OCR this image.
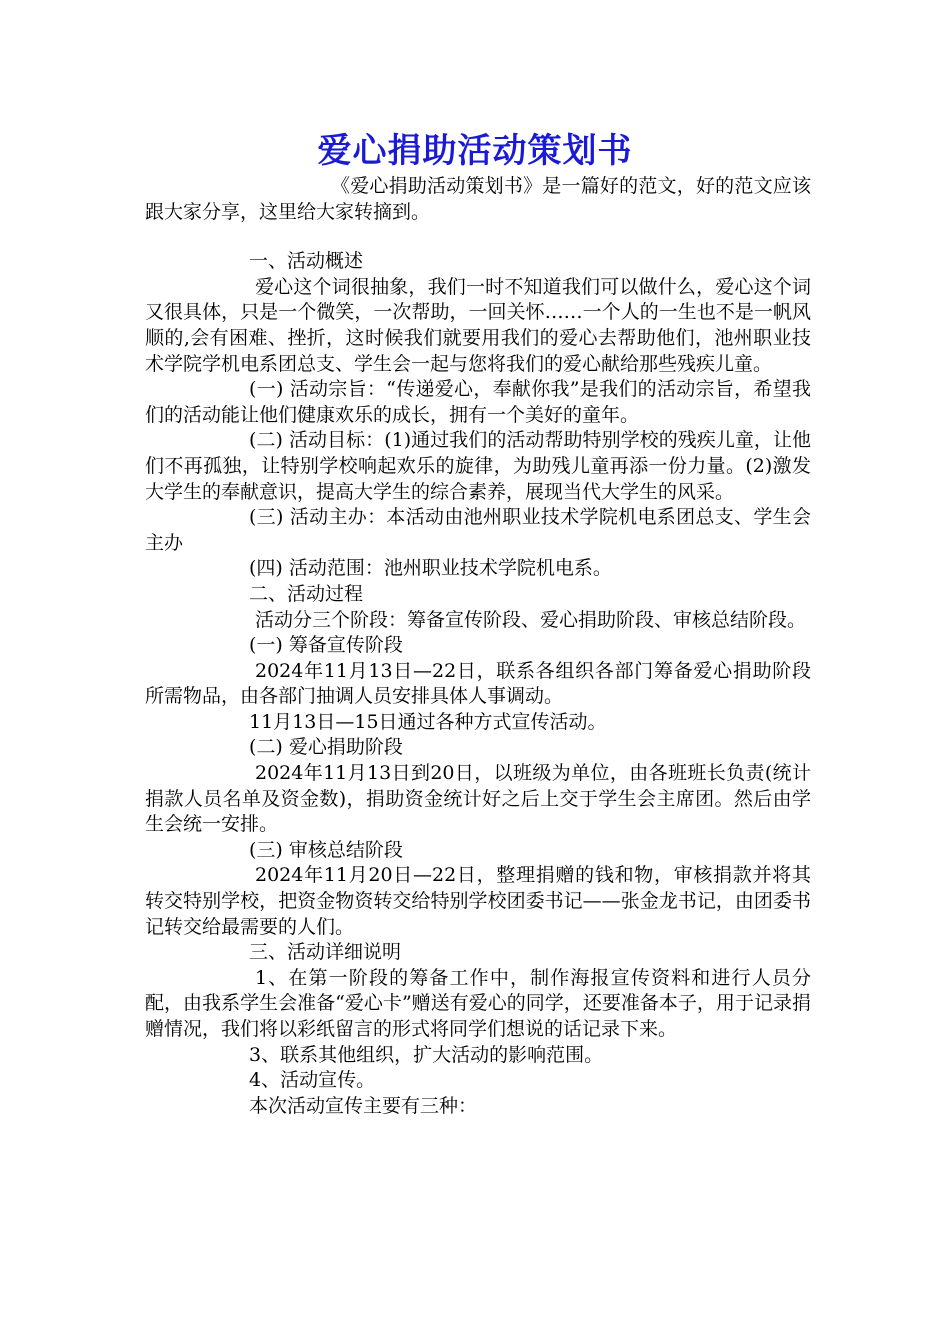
爱心捐助活动策划书

《爱心捐助活动策划书》是一篇好的范文，好的范文应该跟大家分享，这里给大家转摘到。

一、活动概述

爱心这个词很抽象，我们一时不知道我们可以做什么，爱心这个词又很具体，只是一个微笑，一次帮助，一回关怀……一个人的一生也不是一帆风顺的,会有困难、挫折，这时候我们就要用我们的爱心去帮助他们，池州职业技术学院学机电系团总支、学生会一起与您将我们的爱心献给那些残疾儿童。

(一) 活动宗旨：“传递爱心，奉献你我”是我们的活动宗旨，希望我们的活动能让他们健康欢乐的成长，拥有一个美好的童年。

(二) 活动目标：(1)通过我们的活动帮助特别学校的残疾儿童，让他们不再孤独，让特别学校响起欢乐的旋律，为助残儿童再添一份力量。(2)激发大学生的奉献意识，提高大学生的综合素养，展现当代大学生的风采。

(三) 活动主办：本活动由池州职业技术学院机电系团总支、学生会主办

(四) 活动范围：池州职业技术学院机电系。

二、活动过程

活动分三个阶段：筹备宣传阶段、爱心捐助阶段、审核总结阶段。

(一) 筹备宣传阶段

2024年11月13日—22日，联系各组织各部门筹备爱心捐助阶段所需物品，由各部门抽调人员安排具体人事调动。

11月13日—15日通过各种方式宣传活动。

(二) 爱心捐助阶段

2024年11月13日到20日，以班级为单位，由各班班长负责(统计捐款人员名单及资金数)，捐助资金统计好之后上交于学生会主席团。然后由学生会统一安排。

(三) 审核总结阶段

2024年11月20日—22日，整理捐赠的钱和物，审核捐款并将其转交特别学校，把资金物资转交给特别学校团委书记——张金龙书记，由团委书记转交给最需要的人们。

三、活动详细说明

1、在第一阶段的筹备工作中，制作海报宣传资料和进行人员分配，由我系学生会准备“爱心卡”赠送有爱心的同学，还要准备本子，用于记录捐赠情况，我们将以彩纸留言的形式将同学们想说的话记录下来。

3、联系其他组织，扩大活动的影响范围。

4、活动宣传。

本次活动宣传主要有三种：
